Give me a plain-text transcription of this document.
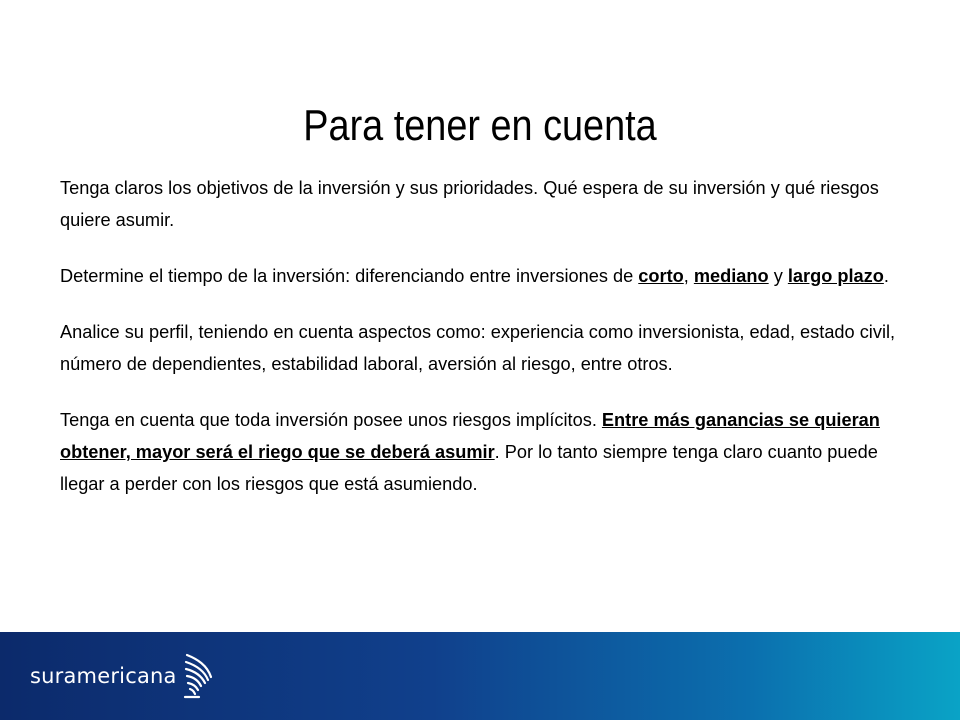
Para tener en cuenta

Tenga claros los objetivos de la inversión y sus prioridades. Qué espera de su inversión y qué riesgos quiere asumir.

Determine el tiempo de la inversión: diferenciando entre inversiones de corto, mediano y largo plazo.

Analice su perfil, teniendo en cuenta aspectos como: experiencia como inversionista, edad, estado civil, número de dependientes, estabilidad laboral, aversión al riesgo, entre otros.

Tenga en cuenta que toda inversión posee unos riesgos implícitos. Entre más ganancias se quieran obtener, mayor será el riego que se deberá asumir. Por lo tanto siempre tenga claro cuanto puede llegar a perder con los riesgos que está asumiendo.

suramericana
